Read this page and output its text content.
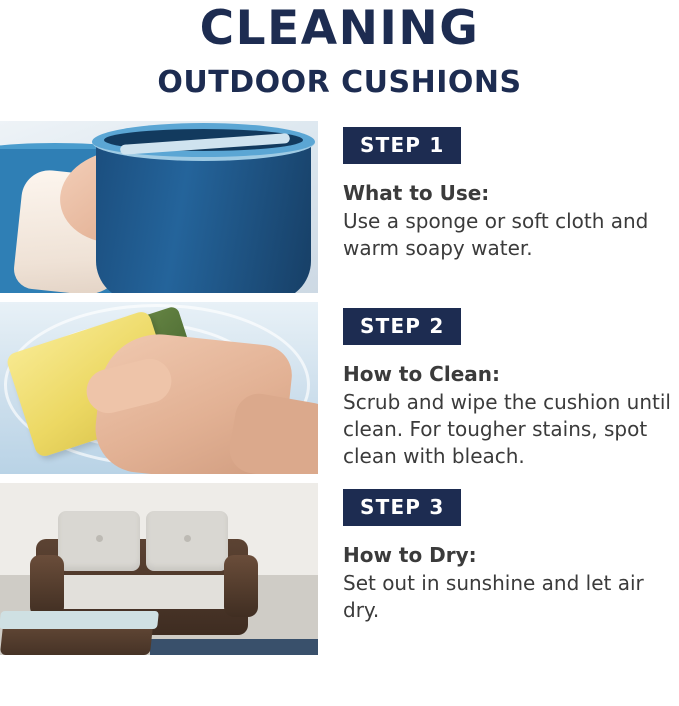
CLEANING
OUTDOOR CUSHIONS
STEP 1
What to Use:
Use a sponge or soft cloth and warm soapy water.
STEP 2
How to Clean:
Scrub and wipe the cushion until clean. For tougher stains, spot clean with bleach.
STEP 3
How to Dry:
Set out in sunshine and let air dry.
